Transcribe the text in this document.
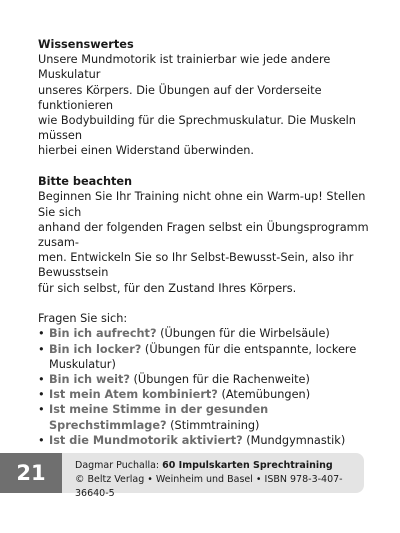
Wissenswertes

Unsere Mundmotorik ist trainierbar wie jede andere Muskulatur
unseres Körpers. Die Übungen auf der Vorderseite funktionieren
wie Bodybuilding für die Sprechmuskulatur. Die Muskeln müssen
hierbei einen Widerstand überwinden.

Bitte beachten

Beginnen Sie Ihr Training nicht ohne ein Warm-up! Stellen Sie sich
anhand der folgenden Fragen selbst ein Übungsprogramm zusam-
men. Entwickeln Sie so Ihr Selbst-Bewusst-Sein, also ihr Bewusstsein
für sich selbst, für den Zustand Ihres Körpers.

Fragen Sie sich:

• Bin ich aufrecht? (Übungen für die Wirbelsäule)
• Bin ich locker? (Übungen für die entspannte, lockere Muskulatur)
• Bin ich weit? (Übungen für die Rachenweite)
• Ist mein Atem kombiniert? (Atemübungen)
• Ist meine Stimme in der gesunden Sprechstimmlage? (Stimmtraining)
• Ist die Mundmotorik aktiviert? (Mundgymnastik)
21	Dagmar Puchalla: 60 Impulskarten Sprechtraining
© Beltz Verlag • Weinheim und Basel • ISBN 978-3-407-36640-5
